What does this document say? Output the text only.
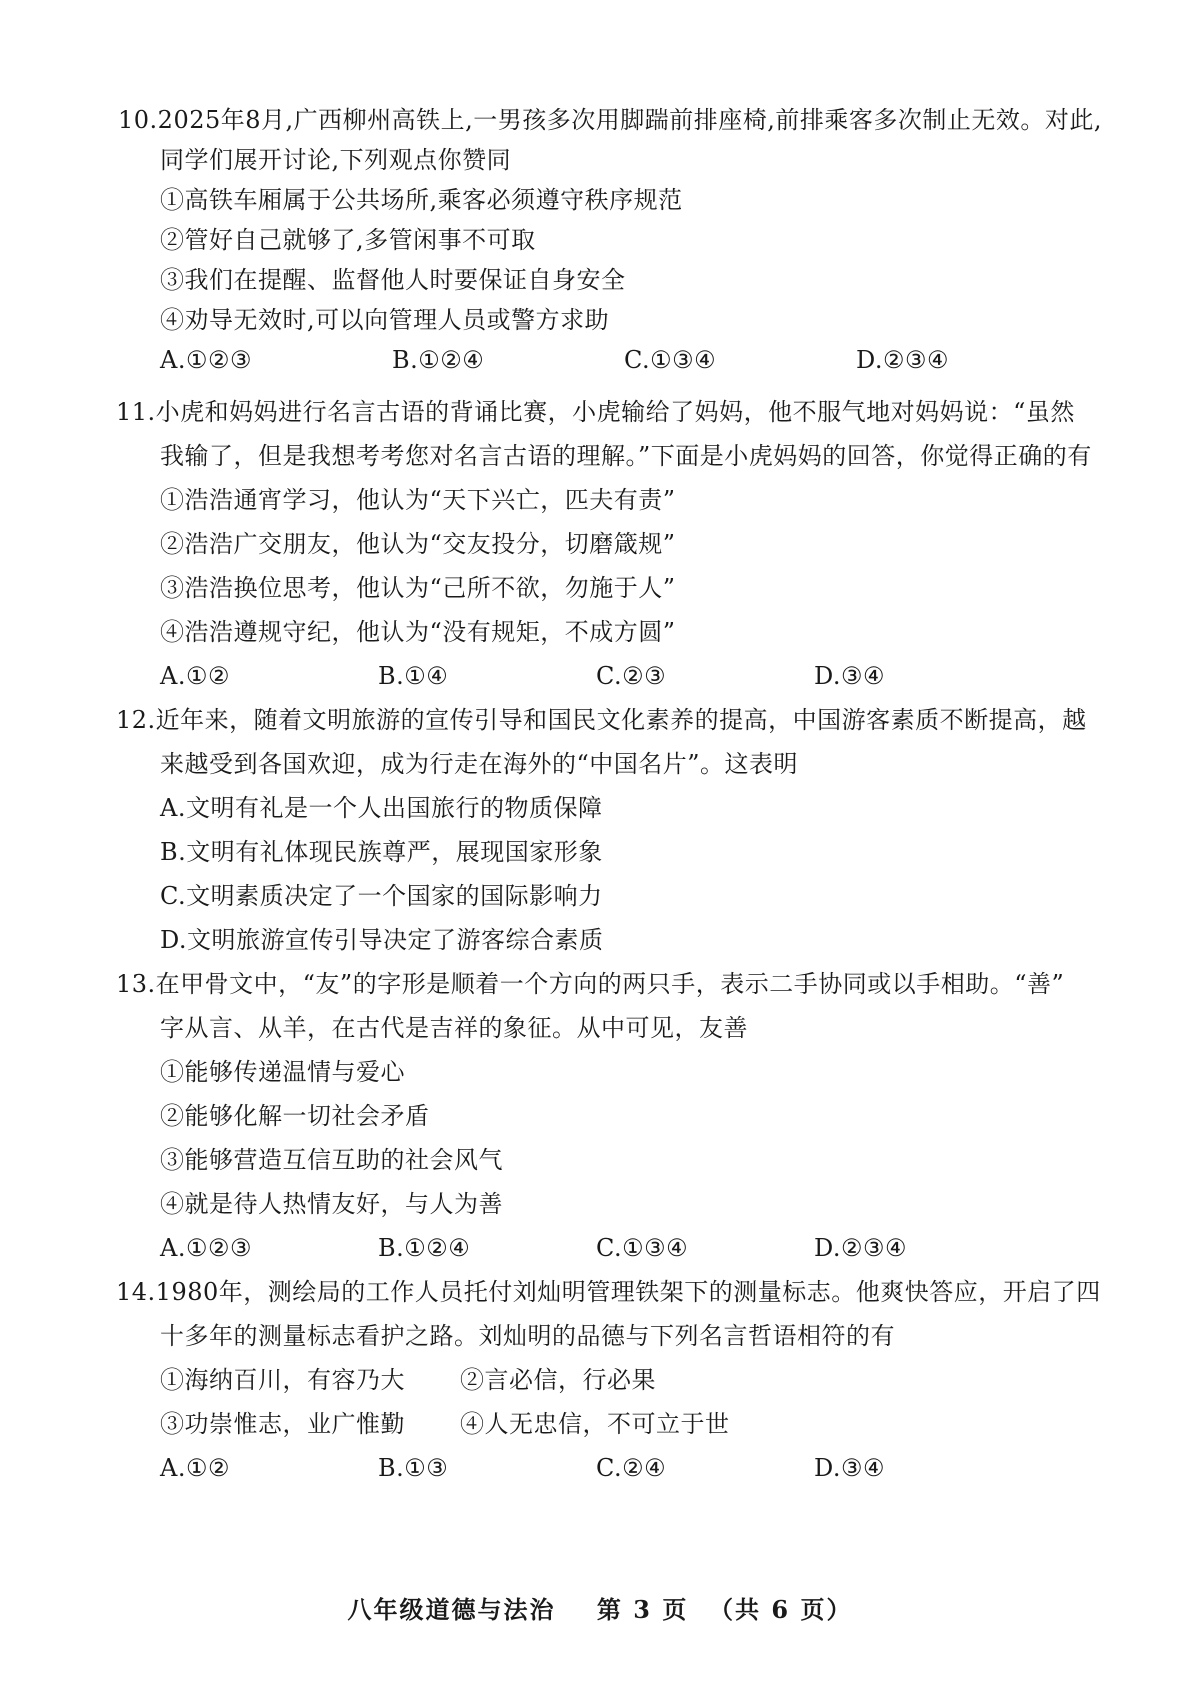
10.2025年8月,广西柳州高铁上,一男孩多次用脚踹前排座椅,前排乘客多次制止无效。对此,
同学们展开讨论,下列观点你赞同
①高铁车厢属于公共场所,乘客必须遵守秩序规范
②管好自己就够了,多管闲事不可取
③我们在提醒、监督他人时要保证自身安全
④劝导无效时,可以向管理人员或警方求助
A.①②③	B.①②④	C.①③④	D.②③④
11.小虎和妈妈进行名言古语的背诵比赛，小虎输给了妈妈，他不服气地对妈妈说：“虽然
我输了，但是我想考考您对名言古语的理解。”下面是小虎妈妈的回答，你觉得正确的有
①浩浩通宵学习，他认为“天下兴亡，匹夫有责”
②浩浩广交朋友，他认为“交友投分，切磨箴规”
③浩浩换位思考，他认为“己所不欲，勿施于人”
④浩浩遵规守纪，他认为“没有规矩，不成方圆”
A.①②	B.①④	C.②③	D.③④
12.近年来，随着文明旅游的宣传引导和国民文化素养的提高，中国游客素质不断提高，越
来越受到各国欢迎，成为行走在海外的“中国名片”。这表明
A.文明有礼是一个人出国旅行的物质保障
B.文明有礼体现民族尊严，展现国家形象
C.文明素质决定了一个国家的国际影响力
D.文明旅游宣传引导决定了游客综合素质
13.在甲骨文中，“友”的字形是顺着一个方向的两只手，表示二手协同或以手相助。“善”
字从言、从羊，在古代是吉祥的象征。从中可见，友善
①能够传递温情与爱心
②能够化解一切社会矛盾
③能够营造互信互助的社会风气
④就是待人热情友好，与人为善
A.①②③	B.①②④	C.①③④	D.②③④
14.1980年，测绘局的工作人员托付刘灿明管理铁架下的测量标志。他爽快答应，开启了四
十多年的测量标志看护之路。刘灿明的品德与下列名言哲语相符的有
①海纳百川，有容乃大	②言必信，行必果
③功崇惟志，业广惟勤	④人无忠信，不可立于世
A.①②	B.①③	C.②④	D.③④
八年级道德与法治    第 3 页  （共 6 页）
